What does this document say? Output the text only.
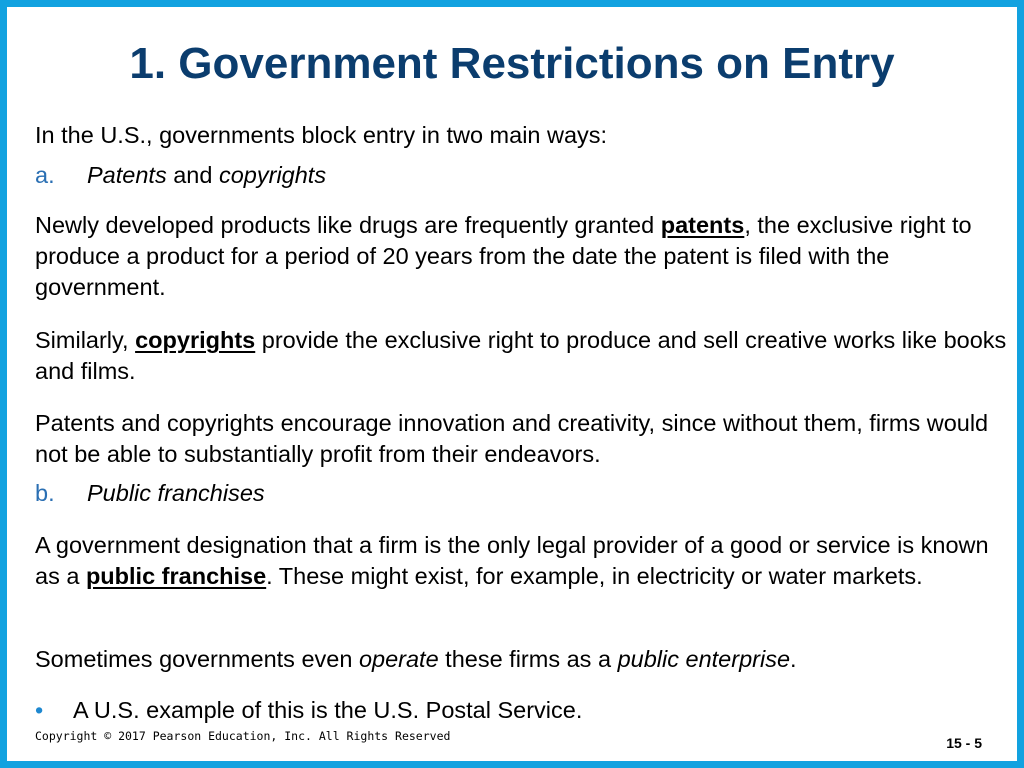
1. Government Restrictions on Entry

In the U.S., governments block entry in two main ways:

a. Patents and copyrights

Newly developed products like drugs are frequently granted patents, the exclusive right to produce a product for a period of 20 years from the date the patent is filed with the government.

Similarly, copyrights provide the exclusive right to produce and sell creative works like books and films.

Patents and copyrights encourage innovation and creativity, since without them, firms would not be able to substantially profit from their endeavors.

b. Public franchises

A government designation that a firm is the only legal provider of a good or service is known as a public franchise. These might exist, for example, in electricity or water markets.

Sometimes governments even operate these firms as a public enterprise.

• A U.S. example of this is the U.S. Postal Service.
Copyright © 2017 Pearson Education, Inc. All Rights Reserved	15 - 5
